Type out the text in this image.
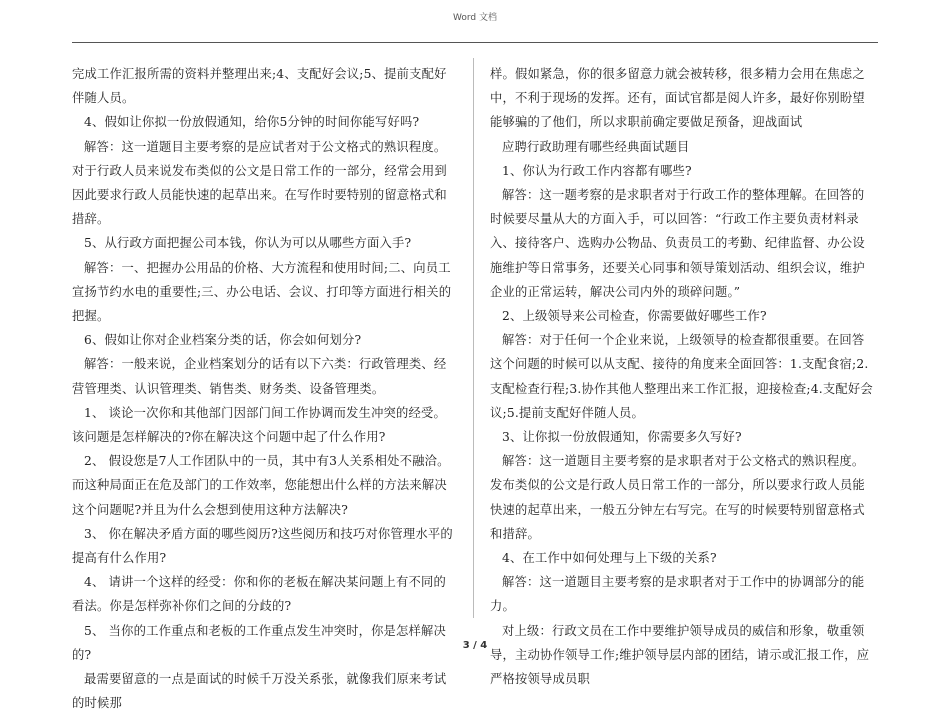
Word 文档

完成工作汇报所需的资料并整理出来;4、支配好会议;5、提前支配好伴随人员。

4、假如让你拟一份放假通知，给你5分钟的时间你能写好吗?

解答：这一道题目主要考察的是应试者对于公文格式的熟识程度。对于行政人员来说发布类似的公文是日常工作的一部分，经常会用到因此要求行政人员能快速的起草出来。在写作时要特别的留意格式和措辞。

5、从行政方面把握公司本钱，你认为可以从哪些方面入手?

解答：一、把握办公用品的价格、大方流程和使用时间;二、向员工宣扬节约水电的重要性;三、办公电话、会议、打印等方面进行相关的把握。

6、假如让你对企业档案分类的话，你会如何划分?

解答：一般来说，企业档案划分的话有以下六类：行政管理类、经营管理类、认识管理类、销售类、财务类、设备管理类。

1、 谈论一次你和其他部门因部门间工作协调而发生冲突的经受。该问题是怎样解决的?你在解决这个问题中起了什么作用?

2、 假设您是7人工作团队中的一员，其中有3人关系相处不融洽。而这种局面正在危及部门的工作效率，您能想出什么样的方法来解决这个问题呢?并且为什么会想到使用这种方法解决?

3、 你在解决矛盾方面的哪些阅历?这些阅历和技巧对你管理水平的提高有什么作用?

4、 请讲一个这样的经受：你和你的老板在解决某问题上有不同的看法。你是怎样弥补你们之间的分歧的?

5、 当你的工作重点和老板的工作重点发生冲突时，你是怎样解决的?

最需要留意的一点是面试的时候千万没关系张，就像我们原来考试的时候那

样。假如紧急，你的很多留意力就会被转移，很多精力会用在焦虑之中，不利于现场的发挥。还有，面试官都是阅人许多，最好你别盼望能够骗的了他们，所以求职前确定要做足预备，迎战面试

应聘行政助理有哪些经典面试题目

1、你认为行政工作内容都有哪些?

解答：这一题考察的是求职者对于行政工作的整体理解。在回答的时候要尽量从大的方面入手，可以回答：“行政工作主要负责材料录入、接待客户、选购办公物品、负责员工的考勤、纪律监督、办公设施维护等日常事务，还要关心同事和领导策划活动、组织会议，维护企业的正常运转，解决公司内外的琐碎问题。”

2、上级领导来公司检查，你需要做好哪些工作?

解答：对于任何一个企业来说，上级领导的检查都很重要。在回答这个问题的时候可以从支配、接待的角度来全面回答：1.支配食宿;2.支配检查行程;3.协作其他人整理出来工作汇报，迎接检查;4.支配好会议;5.提前支配好伴随人员。

3、让你拟一份放假通知，你需要多久写好?

解答：这一道题目主要考察的是求职者对于公文格式的熟识程度。发布类似的公文是行政人员日常工作的一部分，所以要求行政人员能快速的起草出来，一般五分钟左右写完。在写的时候要特别留意格式和措辞。

4、在工作中如何处理与上下级的关系?

解答：这一道题目主要考察的是求职者对于工作中的协调部分的能力。

对上级：行政文员在工作中要维护领导成员的威信和形象，敬重领导，主动协作领导工作;维护领导层内部的团结，请示或汇报工作，应严格按领导成员职

3 / 4
